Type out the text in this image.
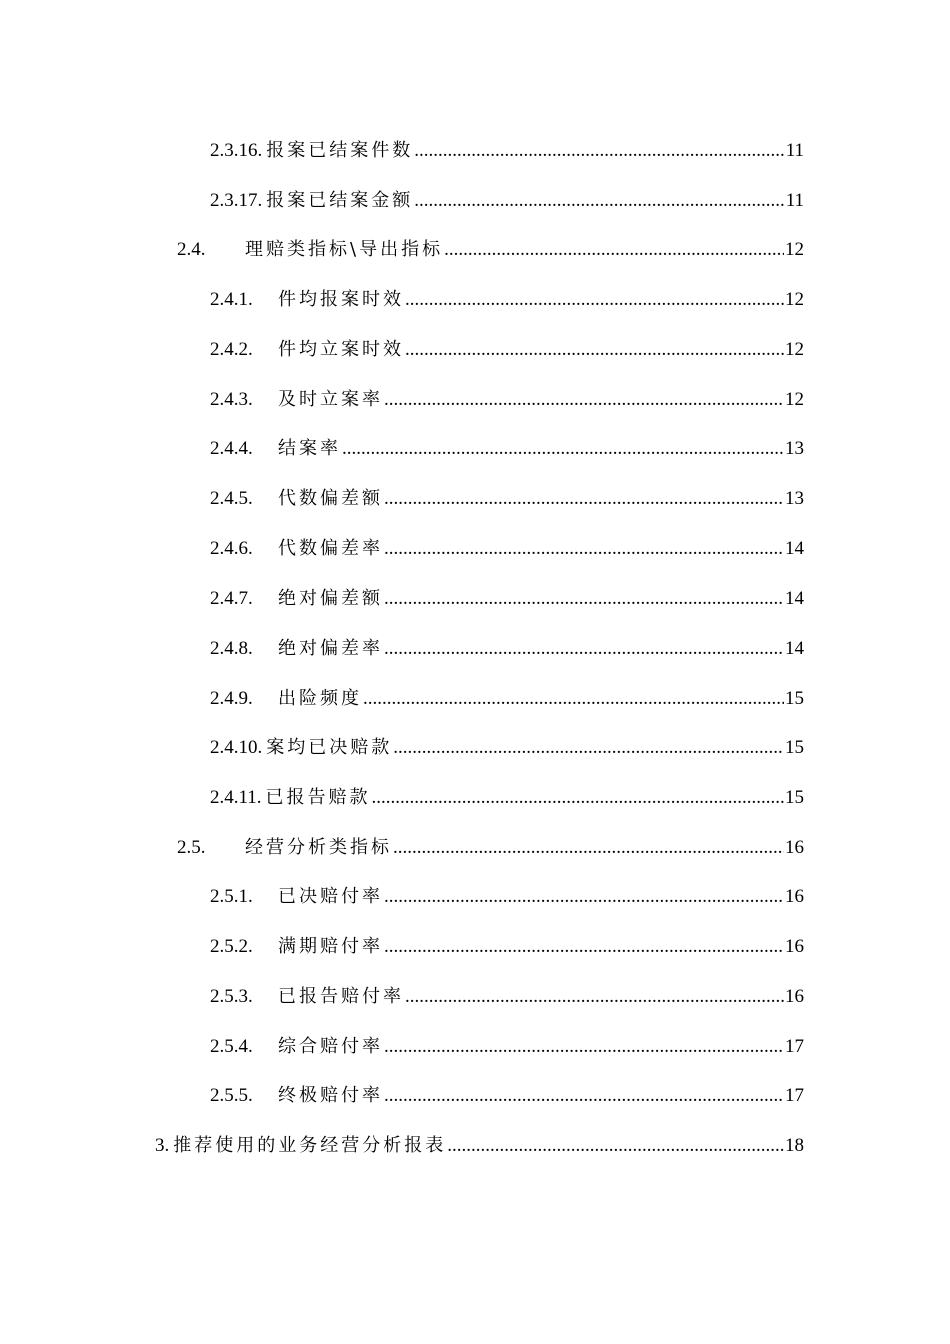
2.3.16. 报案已结案件数 .....	11
2.3.17. 报案已结案金额 .....	11
2.4.	理赔类指标\导出指标 .....	12
2.4.1.	件均报案时效 .....	12
2.4.2.	件均立案时效 .....	12
2.4.3.	及时立案率 .....	12
2.4.4.	结案率 .....	13
2.4.5.	代数偏差额 .....	13
2.4.6.	代数偏差率 .....	14
2.4.7.	绝对偏差额 .....	14
2.4.8.	绝对偏差率 .....	14
2.4.9.	出险频度 .....	15
2.4.10. 案均已决赔款 .....	15
2.4.11. 已报告赔款 .....	15
2.5.	经营分析类指标 .....	16
2.5.1.	已决赔付率 .....	16
2.5.2.	满期赔付率 .....	16
2.5.3.	已报告赔付率 .....	16
2.5.4.	综合赔付率 .....	17
2.5.5.	终极赔付率 .....	17
3. 推荐使用的业务经营分析报表 .....	18
